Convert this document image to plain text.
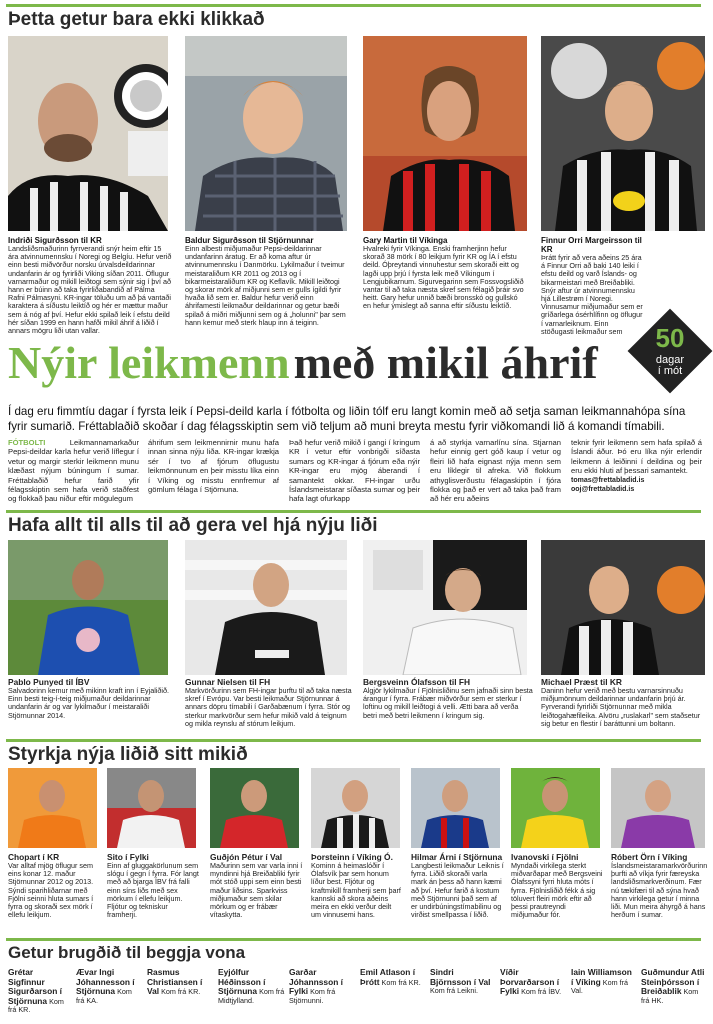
Þetta getur bara ekki klikkað
Indriði Sigurðsson til KR
Landsliðsmaðurinn fyrrverandi snýr heim eftir 15 ára atvinnumennsku í Noregi og Belgíu. Hefur verið einn besti miðvörður norsku úrvalsdeildarinnar undanfarin ár og fyrirliði Viking síðan 2011. Öflugur varnarmaður og mikill leiðtogi sem sýnir sig í því að hann er búinn að taka fyrirliðabandið af Pálma Rafni Pálmasyni. KR-ingar töluðu um að þá vantaði karaktera á síðustu leiktíð og hér er mættur maður sem á nóg af því. Hefur ekki spilað leik í efstu deild hér síðan 1999 en hann hafði mikil áhrif á liðið í annars mögru liði utan vallar.
Baldur Sigurðsson til Stjörnunnar
Einn albesti miðjumaður Pepsi-deildarinnar undanfarinn áratug. Er að koma aftur úr atvinnumennsku í Danmörku. Lykilmaður í tveimur meistaraliðum KR 2011 og 2013 og í bikarmeistaraliðum KR og Keflavík. Mikill leiðtogi og skorar mörk af miðjunni sem er gulls ígildi fyrir hvaða lið sem er. Baldur hefur verið einn áhrifamesti leikmaður deildarinnar og getur bæði spilað á miðri miðjunni sem og á „holunni" þar sem hann kemur með sterk hlaup inn á teiginn.
Gary Martin til Víkinga
Hvalreki fyrir Víkinga. Enski framherjinn hefur skorað 38 mörk í 80 leikjum fyrir KR og ÍA í efstu deild. Óþreytandi vinnuhestur sem skoraði eitt og lagði upp þrjú í fyrsta leik með Víkingum í Lengjubikarnum. Sigurvegarinn sem Fossvogsliðið vantar til að taka næsta skref sem félagið þráir svo heitt. Gary hefur unnið bæði bronsskó og gullskó en hefur ýmislegt að sanna eftir síðustu leiktíð.
Finnur Orri Margeirsson til KR
Þrátt fyrir að vera aðeins 25 ára á Finnur Orri að baki 140 leiki í efstu deild og varð Íslands- og bikarmeistari með Breiðabliki. Snýr aftur úr atvinnumennsku hjá Lillestrøm í Noregi. Vinnusamur miðjumaður sem er gríðarlega ósérhlífinn og öflugur í varnarleiknum. Einn stöðugasti leikmaður sem	50
dagar
í mót
Nýir leikmenn með mikil áhrif
Í dag eru fimmtíu dagar í fyrsta leik í Pepsi-deild karla í fótbolta og liðin tólf eru langt komin með að setja saman leikmannahópa sína fyrir sumarið. Fréttablaðið skoðar í dag félagsskiptin sem við teljum að muni breyta mestu fyrir viðkomandi lið á komandi tímabili.
FÓTBOLTI	Leikmannamarkaður Pepsi-deildar karla hefur verið líflegur í vetur og margir sterkir leikmenn munu klæðast nýjum búningum í sumar. Fréttablaðið hefur farið yfir félagsskiptin sem hafa verið staðfest og flokkað þau niður eftir mögulegum
áhrifum sem leikmennirnir munu hafa innan sinna nýju liða. KR-ingar krækja sér í tvo af fjórum öflugustu leikmönnunum en þeir misstu líka einn í Víking og misstu ennfremur af gömlum félaga í Stjörnuna.
Það hefur verið mikið í gangi í kringum KR í vetur eftir vonbrigði síðasta sumars og KR-ingar á fjórum eða nýir KR-ingar eru mjög áberandi í samantekt okkar. FH-ingar urðu Íslandsmeistarar síðasta sumar og þeir hafa lagt ofurkapp
á að styrkja varnarlínu sína. Stjarnan hefur einnig gert góð kaup í vetur og fleiri lið hafa eignast nýja menn sem eru líklegir til afreka. Við flokkum athyglisverðustu félagaskiptin í fjóra flokka og það er vert að taka það fram að hér eru aðeins
teknir fyrir leikmenn sem hafa spilað á Íslandi áður. Þó eru líka nýir erlendir leikmenn á leiðinni í deildina og þeir eru ekki hluti af þessari samantekt.
tomas@frettabladid.is
ooj@frettabladid.is
Hafa allt til alls til að gera vel hjá nýju liði
Pablo Punyed til ÍBV
Salvadorinn kemur með mikinn kraft inn í Eyjaliðið. Einn besti teig-í-teig miðjumaður deildarinnar undanfarin ár og var lykilmaður í meistaraliði Stjörnunnar 2014.
Gunnar Nielsen til FH
Markvörðurinn sem FH-ingar þurftu til að taka næsta skref í Evrópu. Var besti leikmaður Stjörnunnar á annars döpru tímabili í Garðabænum í fyrra. Stór og sterkur markvörður sem hefur mikið vald á teignum og mikla reynslu af stórum leikjum.
Bergsveinn Ólafsson til FH
Algjör lykilmaður í Fjölnisliðinu sem jafnaði sinn besta árangur í fyrra. Frábær miðvörður sem er sterkur í loftinu og mikill leiðtogi á velli. Ætti bara að verða betri með betri leikmenn í kringum sig.
Michael Præst til KR
Daninn hefur verið með bestu varnarsinnuðu miðjumönnum deildarinnar undanfarin þrjú ár. Fyrverandi fyrirliði Stjörnunnar með mikla leiðtogahæfileika. Alvöru „ruslakarl" sem staðsetur sig betur en flestir í baráttunni um boltann.
Styrkja nýja liðið sitt mikið
Chopart í KR
Var alltaf mjög öflugur sem eins konar 12. maður Stjörnunnar 2012 og 2013. Sýndi sparihliðarnar með Fjölni seinni hluta sumars í fyrra og skoraði sex mörk í ellefu leikjum.
Sito í Fylki
Einn af gluggakörlunum sem slógu í gegn í fyrra. Fór langt með að bjarga ÍBV frá falli einn síns liðs með sex mörkum í ellefu leikjum. Fljótur og tekniskur framherji.
Guðjón Pétur í Val
Maðurinn sem var varla inni í myndinni hjá Breiðabliki fyrir mót stóð uppi sem einn besti maður liðsins. Sparkviss miðjumaður sem skilar mörkum og er frábær vítaskytta.
Þorsteinn í Víking Ó.
Kominn á heimaslóðir í Ólafsvík þar sem honum líður best. Fljótur og kraftmikill framherji sem þarf kannski að skora aðeins meira en ekki verður deilt um vinnusemi hans.
Hilmar Árni í Stjörnuna
Langbesti leikmaður Leiknis í fyrra. Liðið skoraði varla mark án þess að hann kæmi að því. Hefur farið á kostum með Stjörnunni það sem af er undirbúningstímabilinu og virðist smellpassa í liðið.
Ivanovski í Fjölni
Myndaði virkilega sterkt miðvarðapar með Bergsveini Ólafssyni fyrri hluta móts í fyrra. Fjölnisliðið fékk á sig töluvert fleiri mörk eftir að þessi prautreyndi miðjumaður fór.
Róbert Örn í Víking
Íslandsmeistaramarkvörðurinn þurfti að víkja fyrir færeyska landsliðsmarkverðinum. Fær nú tækifæri til að sýna hvað hann virkilega getur í minna liði. Mun meira áhyrgð á hans herðum í sumar.
Getur brugðið til beggja vona
Grétar Sigfinnur Sigurðarson í Stjörnuna Kom frá KR.
Ævar Ingi Jóhannesson í Stjörnuna Kom frá KA.
Rasmus Christiansen í Val Kom frá KR.
Eyjólfur Héðinsson í Stjörnuna Kom frá Midtjylland.
Garðar Jóhannsson í Fylki Kom frá Stjörnunni.
Emil Atlason í Þrótt Kom frá KR.
Sindri Björnsson í Val Kom frá Leikni.
Víðir Þorvarðarson í Fylki Kom frá ÍBV.
Iain Williamson í Víking Kom frá Val.
Guðmundur Atli Steinþórsson í Breiðablik Kom frá HK.
